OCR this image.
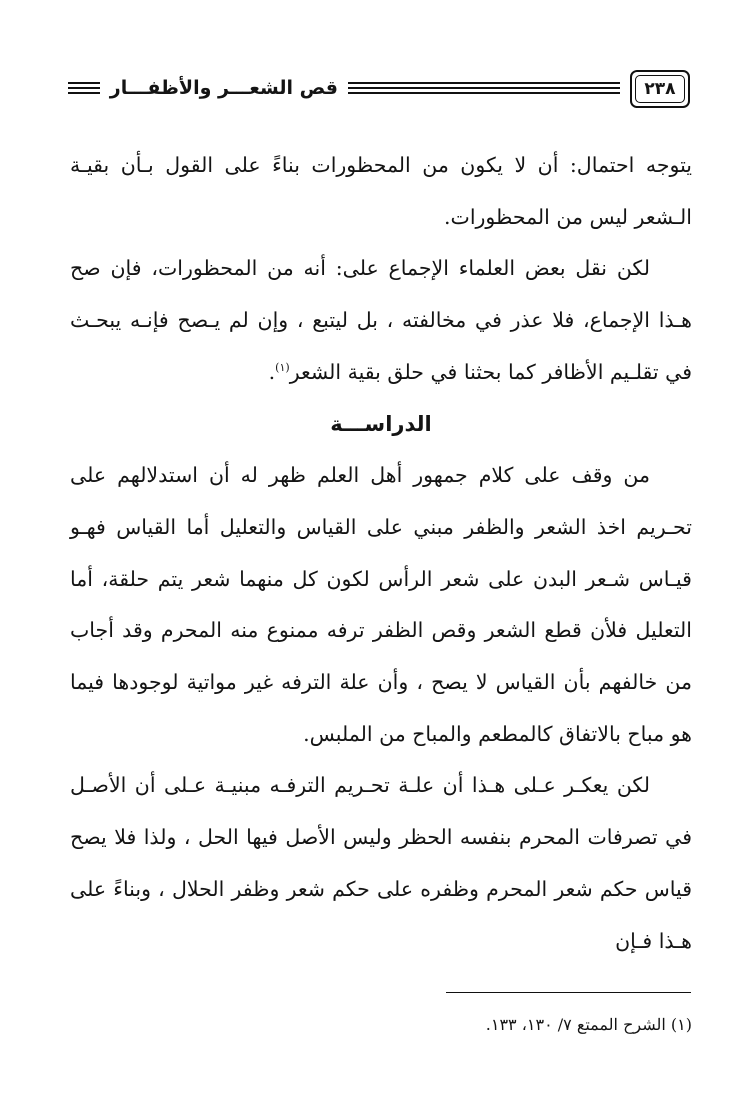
قص الشعـــر والأظفـــار	٢٣٨

يتوجه احتمال: أن لا يكون من المحظورات بناءً على القول بـأن بقيـة الـشعر ليس من المحظورات.

لكن نقل بعض العلماء الإجماع على: أنه من المحظورات، فإن صح هـذا الإجماع، فلا عذر في مخالفته ، بل ليتبع ، وإن لم يـصح فإنـه يبحـث في تقلـيم الأظافر كما بحثنا في حلق بقية الشعر$^{(١)}$.

الدراســـة

من وقف على كلام جمهور أهل العلم ظهر له أن استدلالهم على تحـريم اخذ الشعر والظفر مبني على القياس والتعليل أما القياس فهـو قيـاس شـعر البدن على شعر الرأس لكون كل منهما شعر يتم حلقة، أما التعليل فلأن قطع الشعر وقص الظفر ترفه ممنوع منه المحرم وقد أجاب من خالفهم بأن القياس لا يصح ، وأن علة الترفه غير مواتية لوجودها فيما هو مباح بالاتفاق كالمطعم والمباح من الملبس.

لكن يعكـر عـلى هـذا أن علـة تحـريم الترفـه مبنيـة عـلى أن الأصـل في تصرفات المحرم بنفسه الحظر وليس الأصل فيها الحل ، ولذا فلا يصح قياس حكم شعر المحرم وظفره على حكم شعر وظفر الحلال ، وبناءً على هـذا فـإن

(١) الشرح الممتع ٧/ ١٣٠، ١٣٣.
